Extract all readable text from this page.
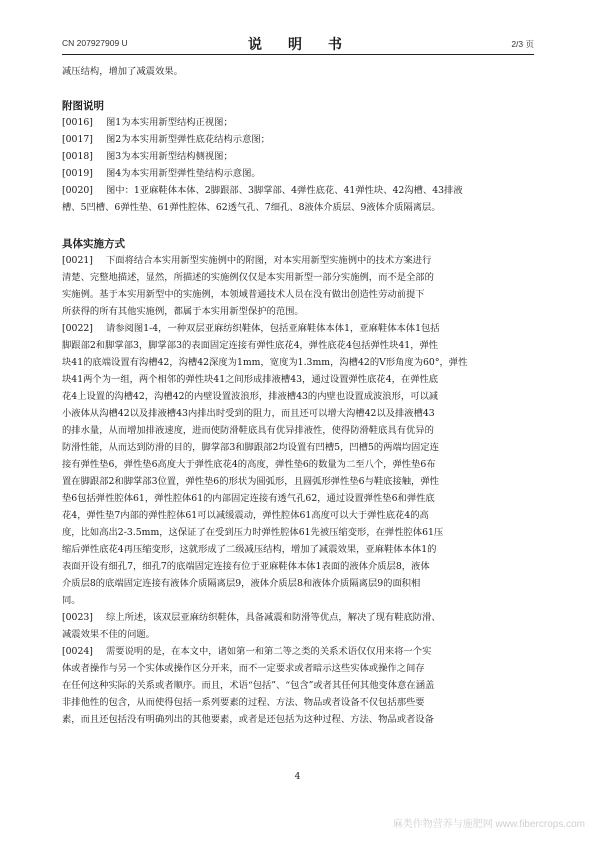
CN 207927909 U	说　明　书	2/3 页
减压结构，增加了减震效果。
附图说明
[0016] 图1为本实用新型结构正视图；
[0017] 图2为本实用新型弹性底花结构示意图；
[0018] 图3为本实用新型结构侧视图；
[0019] 图4为本实用新型弹性垫结构示意图。
[0020] 图中：1亚麻鞋体本体、2脚跟部、3脚掌部、4弹性底花、41弹性块、42沟槽、43排液
槽、5凹槽、6弹性垫、61弹性腔体、62透气孔、7细孔、8液体介质层、9液体介质隔离层。
具体实施方式
[0021] 下面将结合本实用新型实施例中的附图，对本实用新型实施例中的技术方案进行
清楚、完整地描述，显然，所描述的实施例仅仅是本实用新型一部分实施例，而不是全部的
实施例。基于本实用新型中的实施例，本领域普通技术人员在没有做出创造性劳动前提下
所获得的所有其他实施例，都属于本实用新型保护的范围。
[0022] 请参阅图1-4，一种双层亚麻纺织鞋体，包括亚麻鞋体本体1，亚麻鞋体本体1包括
脚跟部2和脚掌部3，脚掌部3的表面固定连接有弹性底花4，弹性底花4包括弹性块41，弹性
块41的底端设置有沟槽42，沟槽42深度为1mm，宽度为1.3mm，沟槽42的V形角度为60°，弹性
块41两个为一组，两个相邻的弹性块41之间形成排液槽43，通过设置弹性底花4，在弹性底
花4上设置的沟槽42，沟槽42的内壁设置波浪形，排液槽43的内壁也设置成波浪形，可以减
小液体从沟槽42以及排液槽43内排出时受到的阻力，而且还可以增大沟槽42以及排液槽43
的排水量，从而增加排液速度，进而使防滑鞋底具有优异排液性，使得防滑鞋底具有优异的
防滑性能，从而达到防滑的目的，脚掌部3和脚跟部2均设置有凹槽5，凹槽5的两端均固定连
接有弹性垫6，弹性垫6高度大于弹性底花4的高度，弹性垫6的数量为二至八个，弹性垫6布
置在脚跟部2和脚掌部3位置，弹性垫6的形状为圆弧形，且圆弧形弹性垫6与鞋底接触，弹性
垫6包括弹性腔体61，弹性腔体61的内部固定连接有透气孔62，通过设置弹性垫6和弹性底
花4，弹性垫7内部的弹性腔体61可以减缓震动，弹性腔体61高度可以大于弹性底花4的高
度，比如高出2-3.5mm，这保证了在受到压力时弹性腔体61先被压缩变形，在弹性腔体61压
缩后弹性底花4再压缩变形，这就形成了二级减压结构，增加了减震效果，亚麻鞋体本体1的
表面开设有细孔7，细孔7的底端固定连接有位于亚麻鞋体本体1表面的液体介质层8，液体
介质层8的底端固定连接有液体介质隔离层9，液体介质层8和液体介质隔离层9的面积相
同。
[0023] 综上所述，该双层亚麻纺织鞋体，具备减震和防滑等优点，解决了现有鞋底防滑、
减震效果不佳的问题。
[0024] 需要说明的是，在本文中，诸如第一和第二等之类的关系术语仅仅用来将一个实
体或者操作与另一个实体或操作区分开来，而不一定要求或者暗示这些实体或操作之间存
在任何这种实际的关系或者顺序。而且，术语“包括”、“包含”或者其任何其他变体意在涵盖
非排他性的包含，从而使得包括一系列要素的过程、方法、物品或者设备不仅包括那些要
素，而且还包括没有明确列出的其他要素，或者是还包括为这种过程、方法、物品或者设备
4
麻类作物营养与施肥网 www.fibercrops.com
